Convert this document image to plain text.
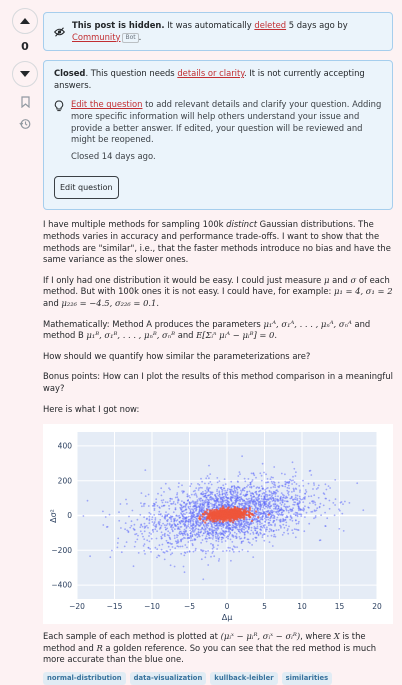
0
This post is hidden. It was automatically deleted 5 days ago by Community Bot .
Closed. This question needs details or clarity. It is not currently accepting answers.

Edit the question to add relevant details and clarify your question. Adding more specific information will help others understand your issue and provide a better answer. If edited, your question will be reviewed and might be reopened.

Closed 14 days ago.

Edit question

I have multiple methods for sampling 100k distinct Gaussian distributions. The methods varies in accuracy and performance trade-offs. I want to show that the methods are "similar", i.e., that the faster methods introduce no bias and have the same variance as the slower ones.

If I only had one distribution it would be easy. I could just measure μ and σ of each method. But with 100k ones it is not easy. I could have, for example: μ₁ = 4, σ₁ = 2 and μ₂₂₆ = −4.5, σ₂₂₆ = 0.1.

Mathematically: Method A produces the parameters μ₁ᴬ, σ₁ᴬ, . . . , μₙᴬ, σₙᴬ and method B μ₁ᴮ, σ₁ᴮ, . . . , μₙᴮ, σₙᴮ and E[Σᵢⁿ μᵢᴬ − μᵢᴮ] = 0.

How should we quantify how similar the parameterizations are?

Bonus points: How can I plot the results of this method comparison in a meaningful way?

Here is what I got now:

−20	−15	−10	−5	0	5	10	15	20
400
200
0
−200
−400
Δμ
Δσ²

Each sample of each method is plotted at (μᵢˣ − μᵢᴿ, σᵢˣ − σᵢᴿ), where X is the method and R a golden reference. So you can see that the red method is much more accurate than the blue one.

normal-distribution	data-visualization	kullback-leibler	similarities
